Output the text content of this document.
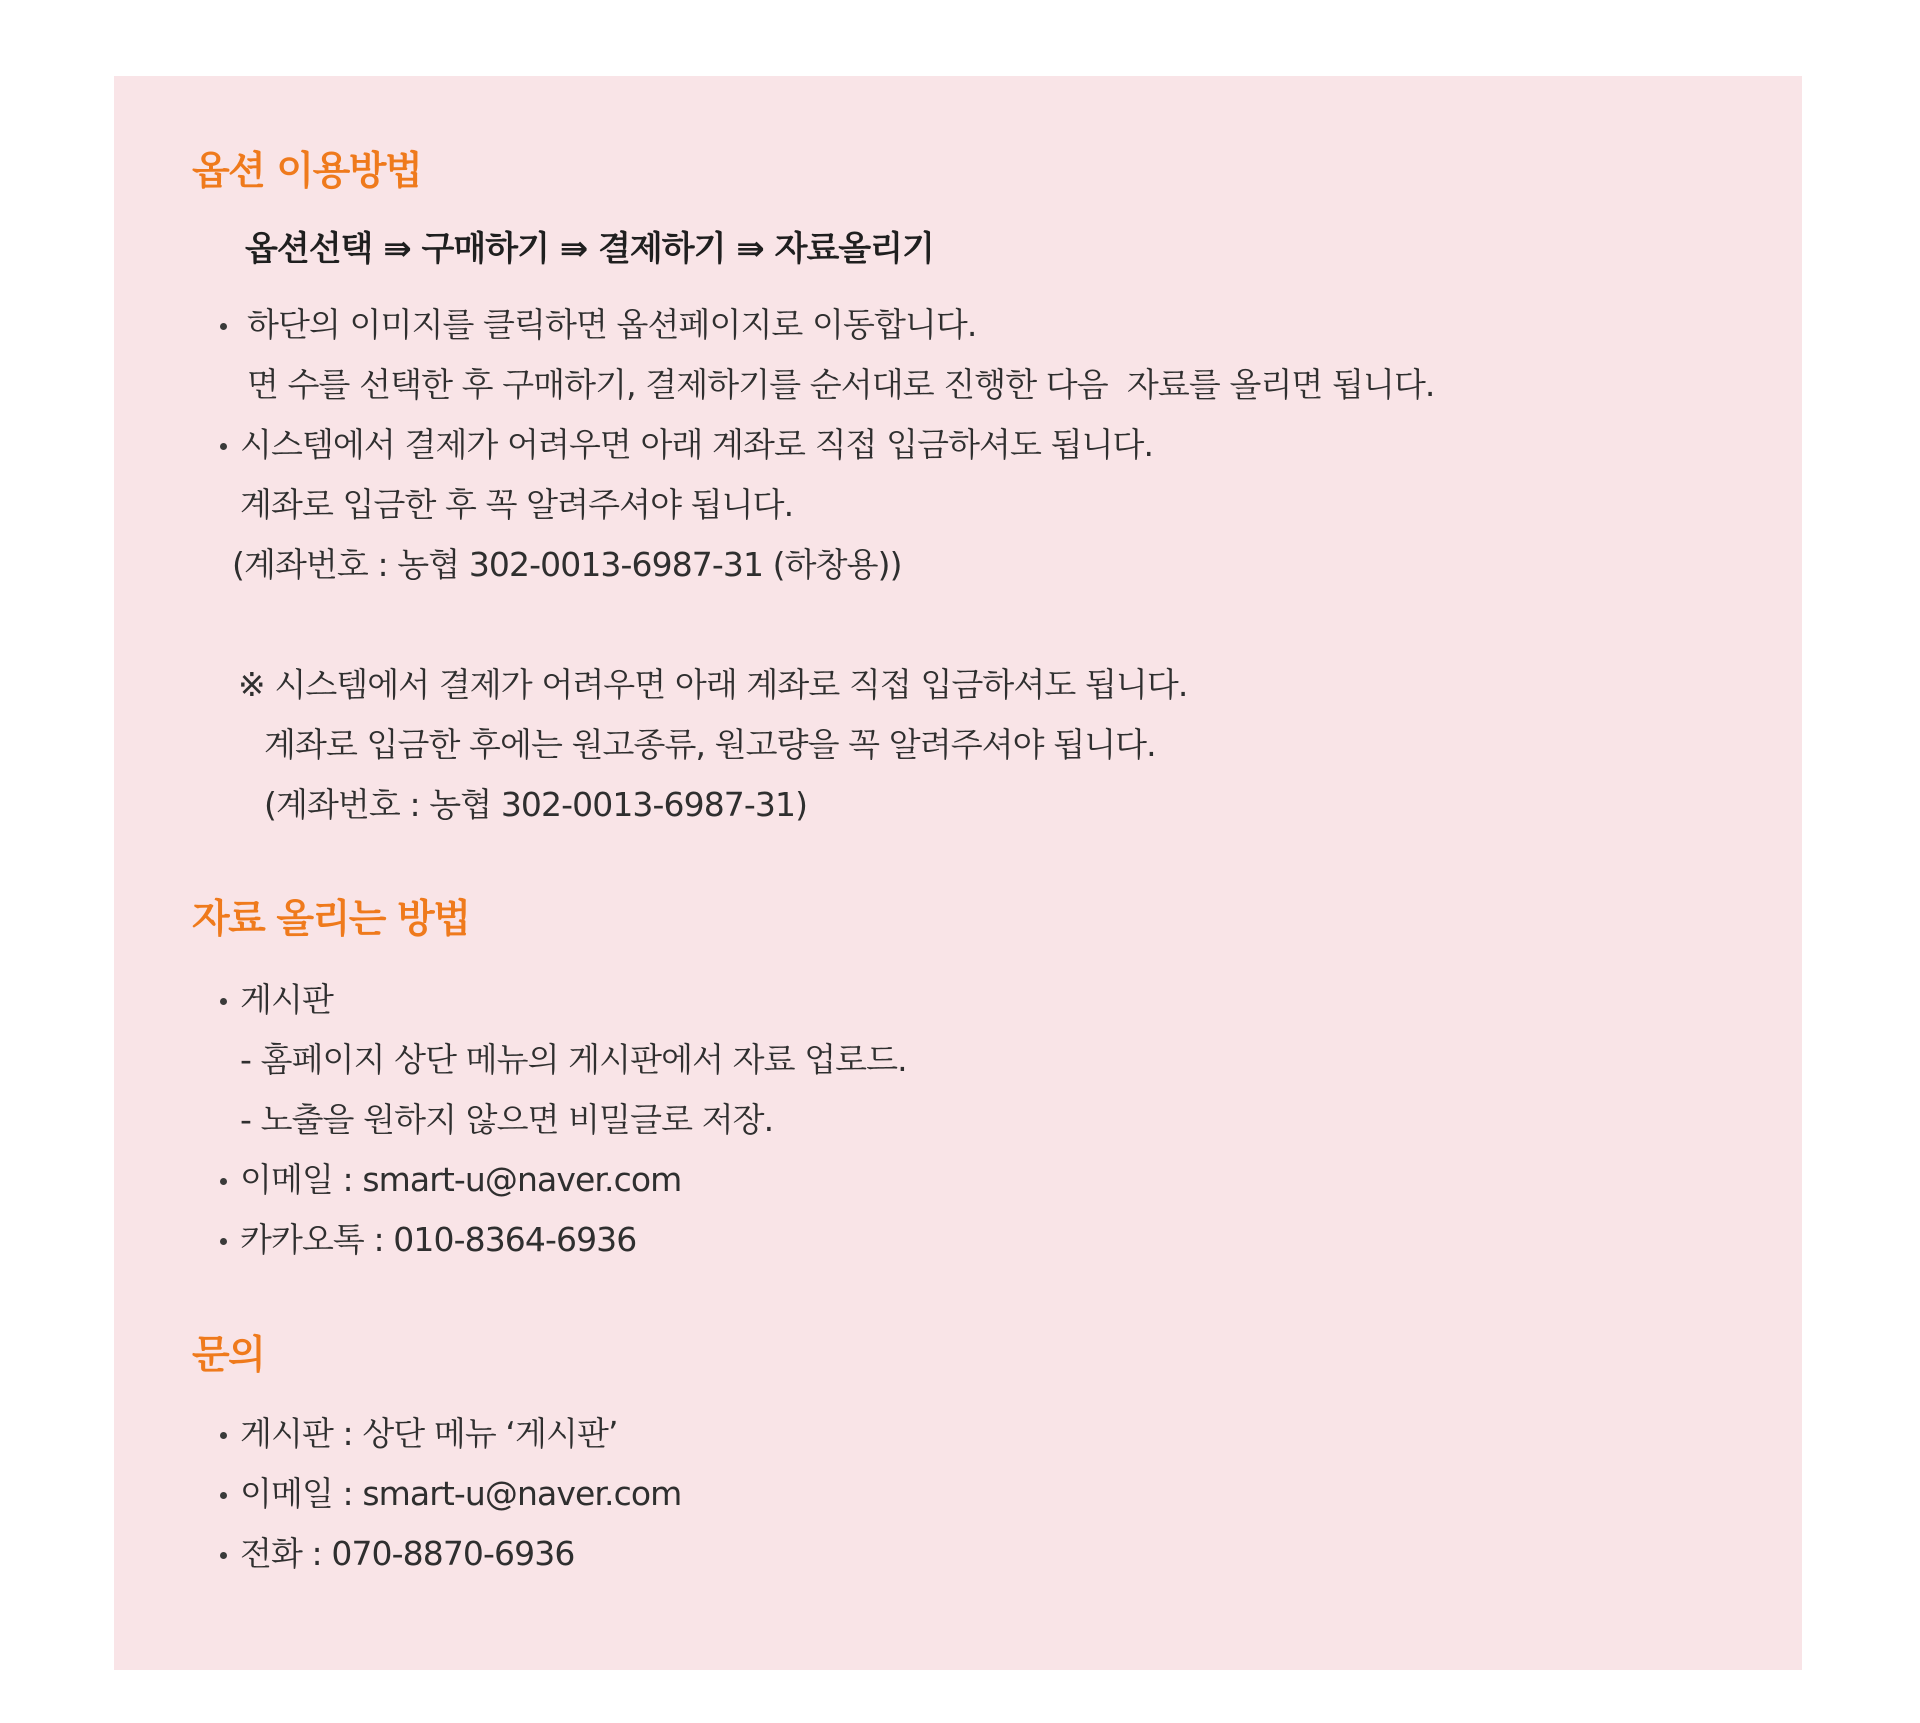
옵션 이용방법
옵션선택 ⇛ 구매하기 ⇛ 결제하기 ⇛ 자료올리기
하단의 이미지를 클릭하면 옵션페이지로 이동합니다.
면 수를 선택한 후 구매하기, 결제하기를 순서대로 진행한 다음  자료를 올리면 됩니다.
시스템에서 결제가 어려우면 아래 계좌로 직접 입금하셔도 됩니다.
계좌로 입금한 후 꼭 알려주셔야 됩니다.
(계좌번호 : 농협 302-0013-6987-31 (하창용))
※ 시스템에서 결제가 어려우면 아래 계좌로 직접 입금하셔도 됩니다.
계좌로 입금한 후에는 원고종류, 원고량을 꼭 알려주셔야 됩니다.
(계좌번호 : 농협 302-0013-6987-31)
자료 올리는 방법
게시판
- 홈페이지 상단 메뉴의 게시판에서 자료 업로드.
- 노출을 원하지 않으면 비밀글로 저장.
이메일 : smart-u@naver.com
카카오톡 : 010-8364-6936
문의
게시판 : 상단 메뉴 ‘게시판’
이메일 : smart-u@naver.com
전화 : 070-8870-6936
